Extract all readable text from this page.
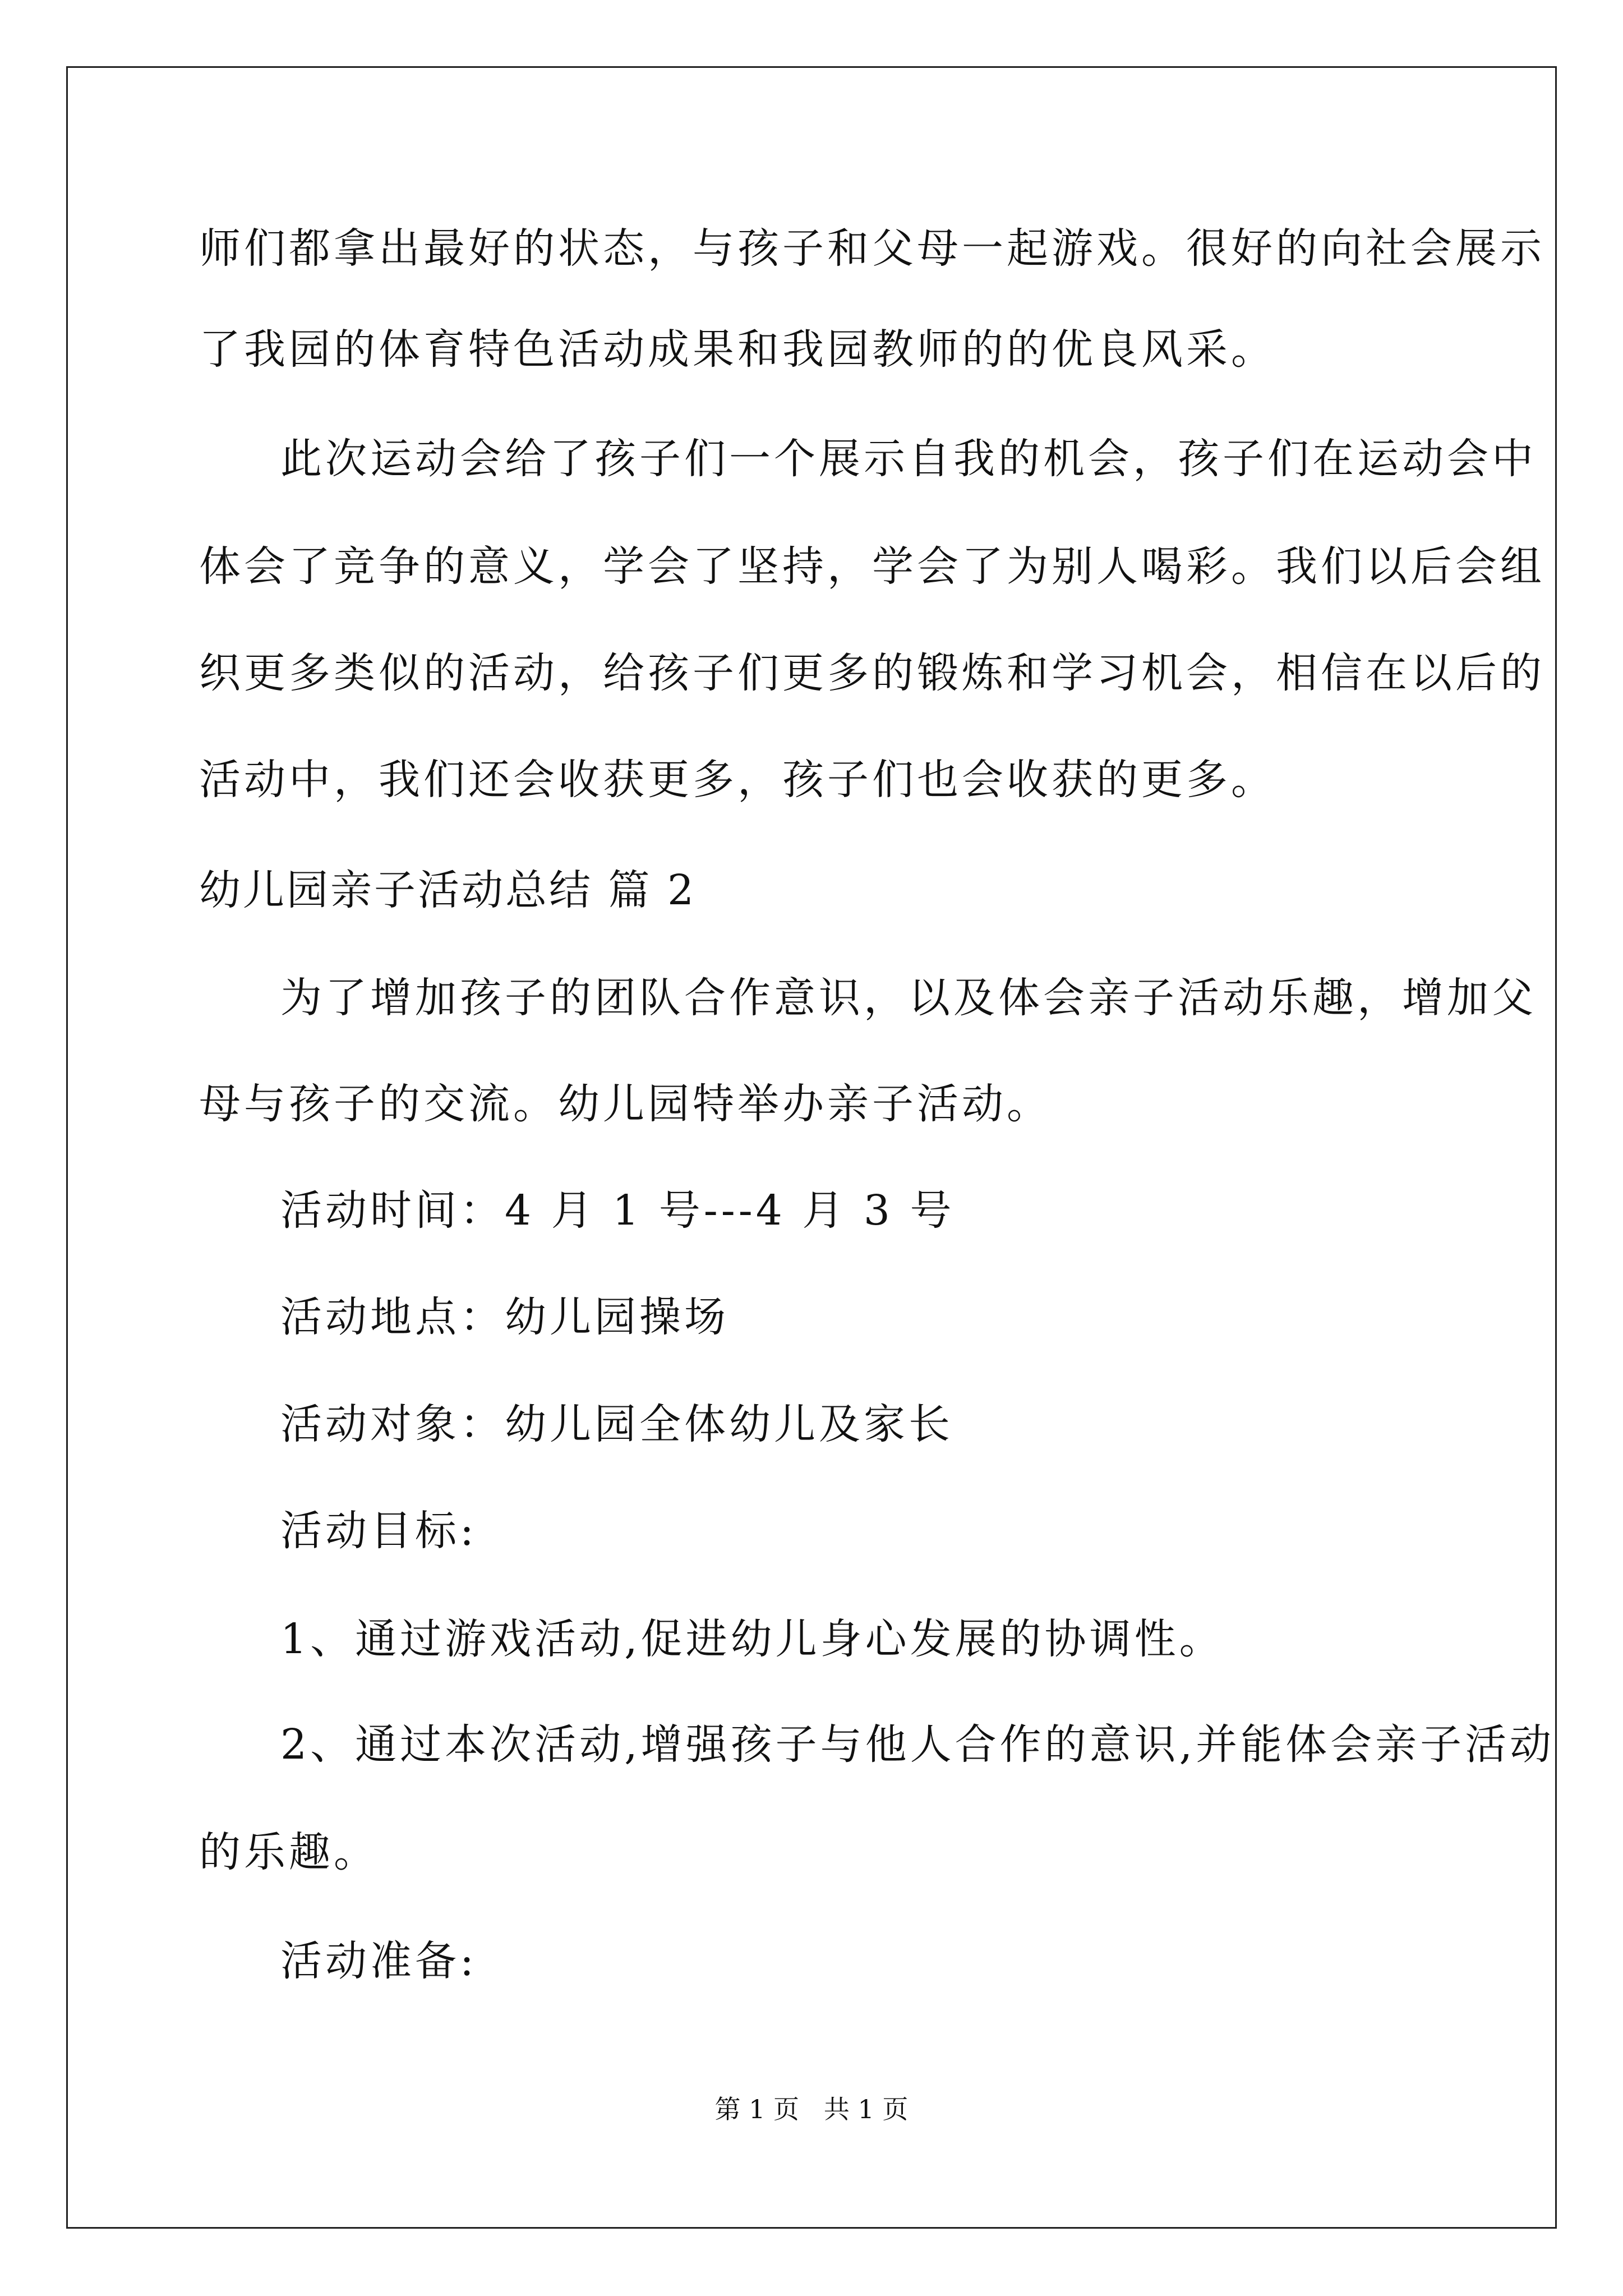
师们都拿出最好的状态，与孩子和父母一起游戏。很好的向社会展示
了我园的体育特色活动成果和我园教师的的优良风采。
此次运动会给了孩子们一个展示自我的机会，孩子们在运动会中
体会了竞争的意义，学会了坚持，学会了为别人喝彩。我们以后会组
织更多类似的活动，给孩子们更多的锻炼和学习机会，相信在以后的
活动中，我们还会收获更多，孩子们也会收获的更多。
幼儿园亲子活动总结 篇 2
为了增加孩子的团队合作意识，以及体会亲子活动乐趣，增加父
母与孩子的交流。幼儿园特举办亲子活动。
活动时间：4 月 1 号---4 月 3 号
活动地点：幼儿园操场
活动对象：幼儿园全体幼儿及家长
活动目标:
1、通过游戏活动,促进幼儿身心发展的协调性。
2、通过本次活动,增强孩子与他人合作的意识,并能体会亲子活动
的乐趣。
活动准备:
第 1 页   共 1 页
